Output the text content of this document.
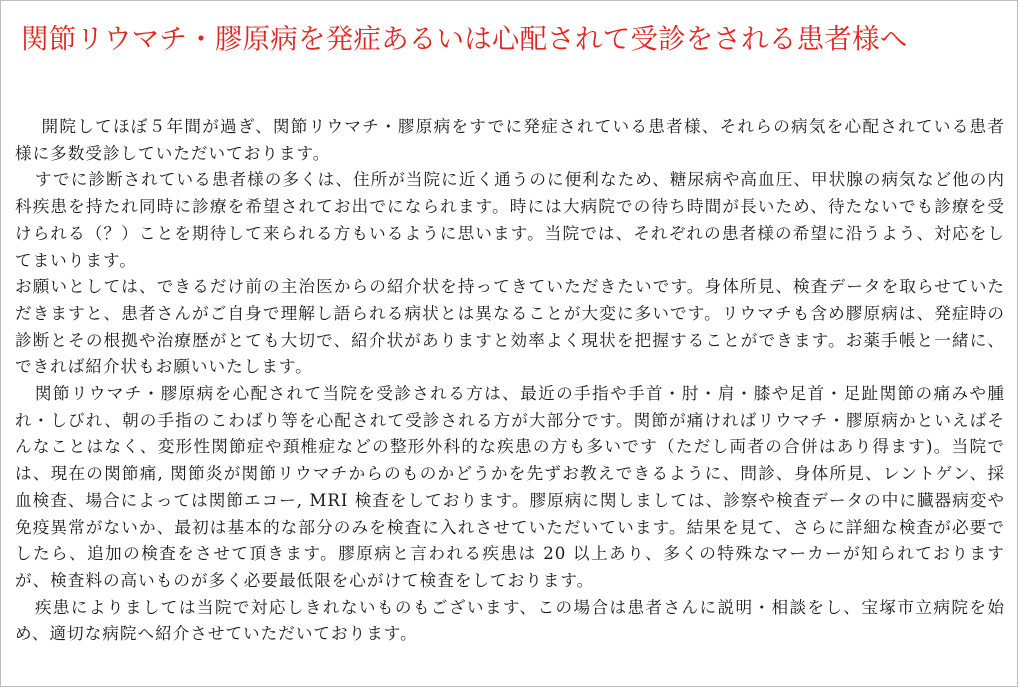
関節リウマチ・膠原病を発症あるいは心配されて受診をされる患者様へ

開院してほぼ５年間が過ぎ、関節リウマチ・膠原病をすでに発症されている患者様、それらの病気を心配されている患者様に多数受診していただいております。

すでに診断されている患者様の多くは、住所が当院に近く通うのに便利なため、糖尿病や高血圧、甲状腺の病気など他の内科疾患を持たれ同時に診療を希望されてお出でになられます。時には大病院での待ち時間が長いため、待たないでも診療を受けられる（？）ことを期待して来られる方もいるように思います。当院では、それぞれの患者様の希望に沿うよう、対応をしてまいります。

お願いとしては、できるだけ前の主治医からの紹介状を持ってきていただきたいです。身体所見、検査データを取らせていただきますと、患者さんがご自身で理解し語られる病状とは異なることが大変に多いです。リウマチも含め膠原病は、発症時の診断とその根拠や治療歴がとても大切で、紹介状がありますと効率よく現状を把握することができます。お薬手帳と一緒に、できれば紹介状もお願いいたします。

関節リウマチ・膠原病を心配されて当院を受診される方は、最近の手指や手首・肘・肩・膝や足首・足趾関節の痛みや腫れ・しびれ、朝の手指のこわばり等を心配されて受診される方が大部分です。関節が痛ければリウマチ・膠原病かといえばそんなことはなく、変形性関節症や頚椎症などの整形外科的な疾患の方も多いです（ただし両者の合併はあり得ます)。当院では、現在の関節痛, 関節炎が関節リウマチからのものかどうかを先ずお教えできるように、問診、身体所見、レントゲン、採血検査、場合によっては関節エコー, MRI 検査をしております。膠原病に関しましては、診察や検査データの中に臓器病変や免疫異常がないか、最初は基本的な部分のみを検査に入れさせていただいています。結果を見て、さらに詳細な検査が必要でしたら、追加の検査をさせて頂きます。膠原病と言われる疾患は 20 以上あり、多くの特殊なマーカーが知られておりますが、検査料の高いものが多く必要最低限を心がけて検査をしております。

疾患によりましては当院で対応しきれないものもございます、この場合は患者さんに説明・相談をし、宝塚市立病院を始め、適切な病院へ紹介させていただいております。
